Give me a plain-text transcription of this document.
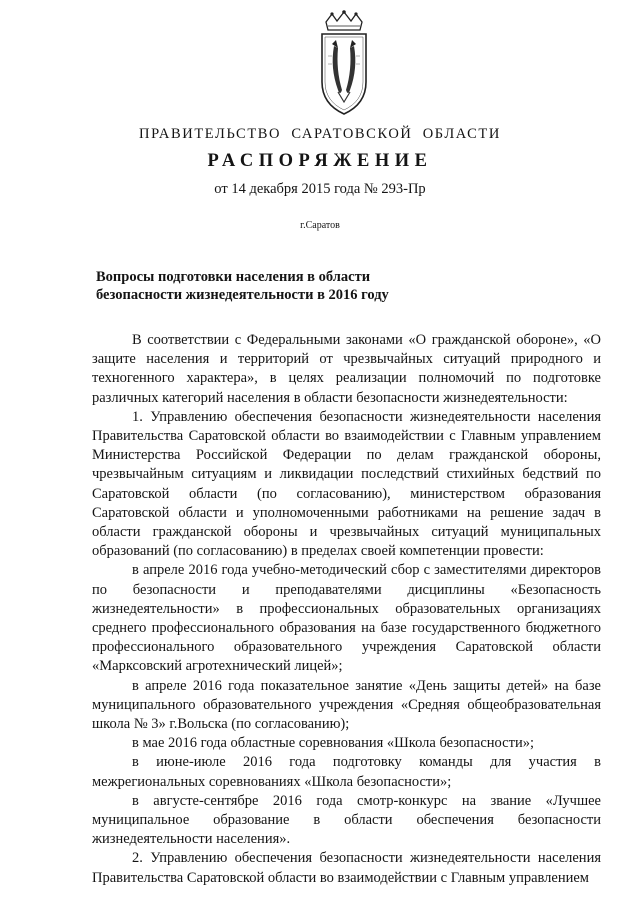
ПРАВИТЕЛЬСТВО САРАТОВСКОЙ ОБЛАСТИ
РАСПОРЯЖЕНИЕ
от 14 декабря 2015 года № 293-Пр
г.Саратов
Вопросы подготовки населения в области
безопасности жизнедеятельности в 2016 году

В соответствии с Федеральными законами «О гражданской обороне», «О защите населения и территорий от чрезвычайных ситуаций природного и техногенного характера», в целях реализации полномочий по подготовке различных категорий населения в области безопасности жизнедеятельности:

1. Управлению обеспечения безопасности жизнедеятельности населения Правительства Саратовской области во взаимодействии с Главным управлением Министерства Российской Федерации по делам гражданской обороны, чрезвычайным ситуациям и ликвидации последствий стихийных бедствий по Саратовской области (по согласованию), министерством образования Саратовской области и уполномоченными работниками на решение задач в области гражданской обороны и чрезвычайных ситуаций муниципальных образований (по согласованию) в пределах своей компетенции провести:

в апреле 2016 года учебно-методический сбор с заместителями директоров по безопасности и преподавателями дисциплины «Безопасность жизнедеятельности» в профессиональных образовательных организациях среднего профессионального образования на базе государственного бюджетного профессионального образовательного учреждения Саратовской области «Марксовский агротехнический лицей»;

в апреле 2016 года показательное занятие «День защиты детей» на базе муниципального образовательного учреждения «Средняя общеобразовательная школа № 3» г.Вольска (по согласованию);

в мае 2016 года областные соревнования «Школа безопасности»;

в июне-июле 2016 года подготовку команды для участия в межрегиональных соревнованиях «Школа безопасности»;

в августе-сентябре 2016 года смотр-конкурс на звание «Лучшее муниципальное образование в области обеспечения безопасности жизнедеятельности населения».

2. Управлению обеспечения безопасности жизнедеятельности населения Правительства Саратовской области во взаимодействии с Главным управлением
